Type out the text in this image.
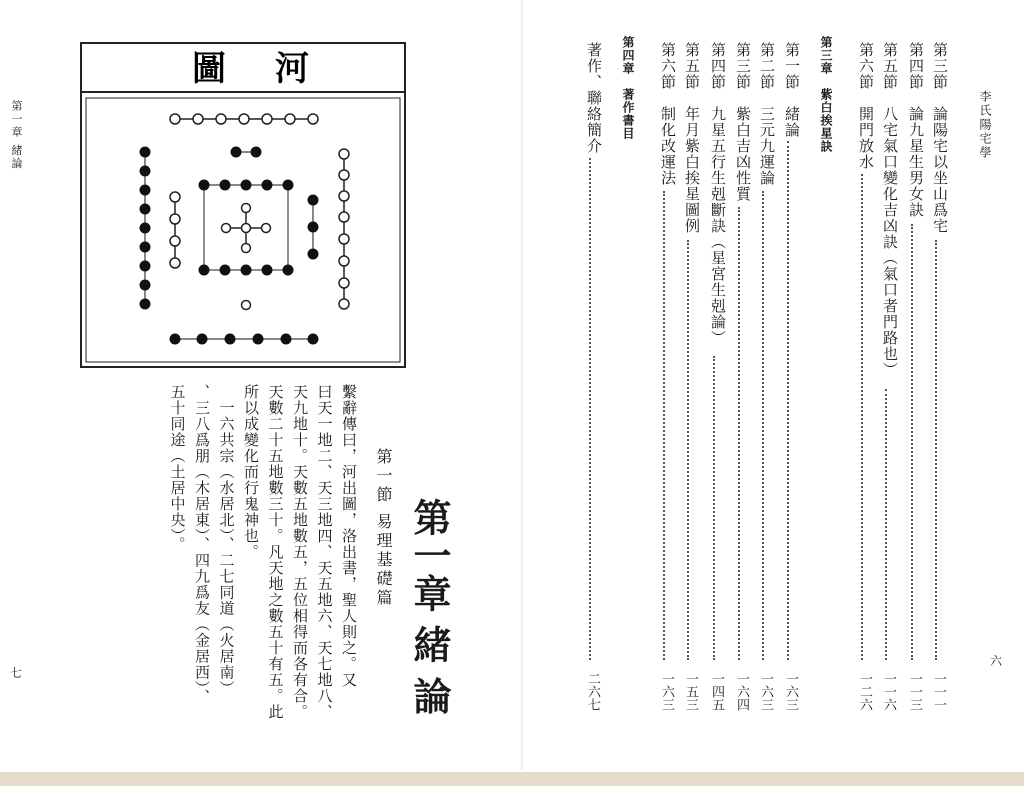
第一章 緒論
七
圖 河
第一章 緒 論
第一節 易理基礎篇
繫辭傳曰，河出圖，洛出書，聖人則之。又
曰天一地二、天三地四、天五地六、天七地八、
天九地十。天數五地數五，五位相得而各有合。
天數二十五地數三十。凡天地之數五十有五。此
所以成變化而行鬼神也。
　一六共宗（水居北）、二七同道（火居南）
、三八爲朋（木居東）、四九爲友（金居西）、
五十同途（土居中央）。
李氏陽宅學
六
第三節　論陽宅以坐山爲宅
一一一
第四節　論九星生男女訣
一一三
第五節　八宅氣口變化吉凶訣（氣口者門路也）
一一六
第六節　開門放水
一二六
第三章　紫白挨星訣
第一節　緒論
一六三
第二節　三元九運論
一六三
第三節　紫白吉凶性質
一六四
第四節　九星五行生剋斷訣（星宮生剋論）
一四五
第五節　年月紫白挨星圖例
一五三
第六節　制化改運法
一六三
第四章　著作書目
著作、聯絡簡介
二六七
